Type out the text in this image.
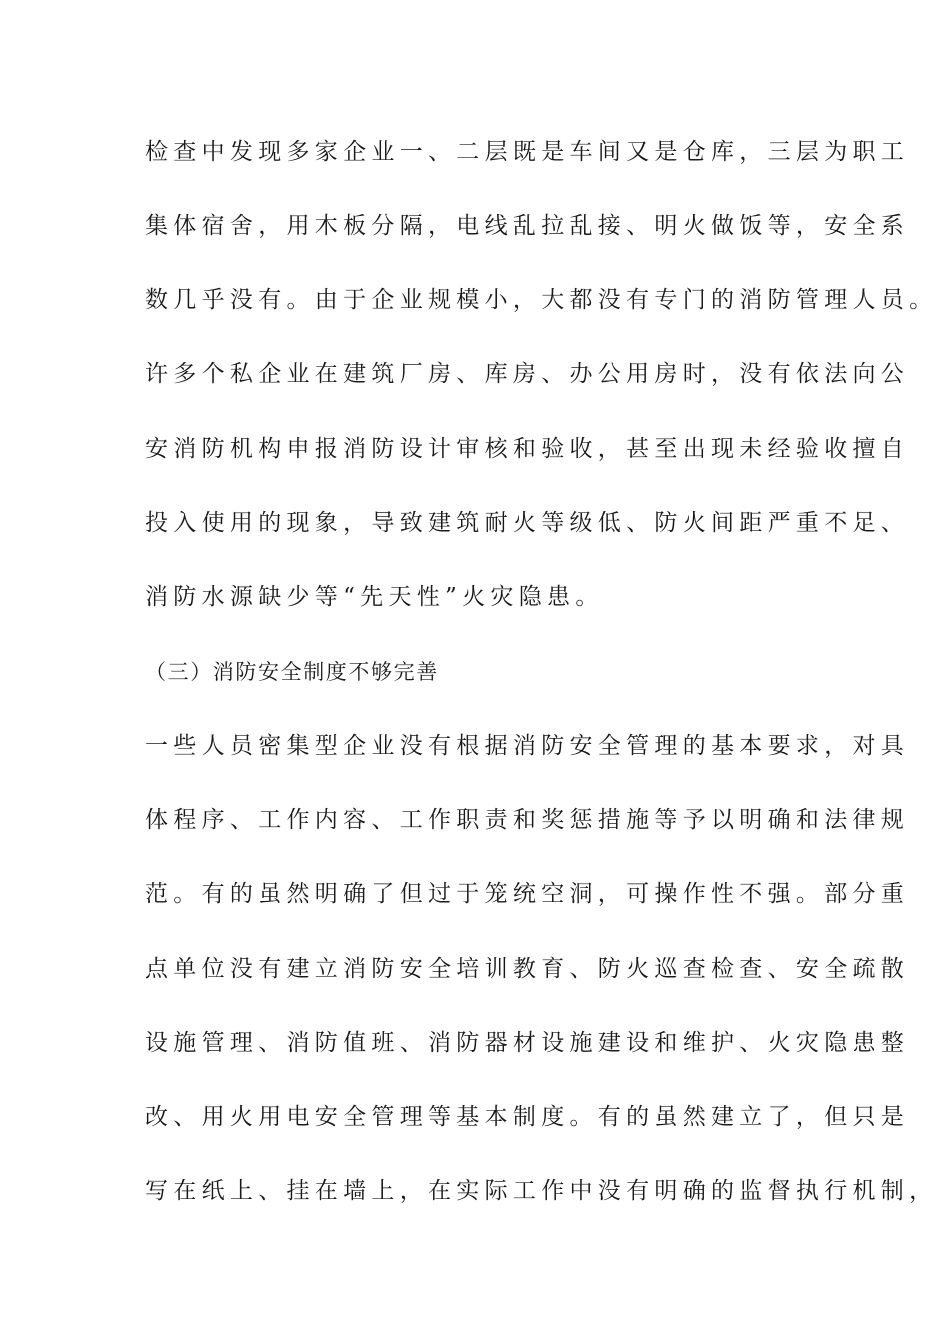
检查中发现多家企业一、二层既是车间又是仓库，三层为职工
集体宿舍，用木板分隔，电线乱拉乱接、明火做饭等，安全系
数几乎没有。由于企业规模小，大都没有专门的消防管理人员。
许多个私企业在建筑厂房、库房、办公用房时，没有依法向公
安消防机构申报消防设计审核和验收，甚至出现未经验收擅自
投入使用的现象，导致建筑耐火等级低、防火间距严重不足、
消防水源缺少等“先天性”火灾隐患。
（三）消防安全制度不够完善
一些人员密集型企业没有根据消防安全管理的基本要求，对具
体程序、工作内容、工作职责和奖惩措施等予以明确和法律规
范。有的虽然明确了但过于笼统空洞，可操作性不强。部分重
点单位没有建立消防安全培训教育、防火巡查检查、安全疏散
设施管理、消防值班、消防器材设施建设和维护、火灾隐患整
改、用火用电安全管理等基本制度。有的虽然建立了，但只是
写在纸上、挂在墙上，在实际工作中没有明确的监督执行机制，
